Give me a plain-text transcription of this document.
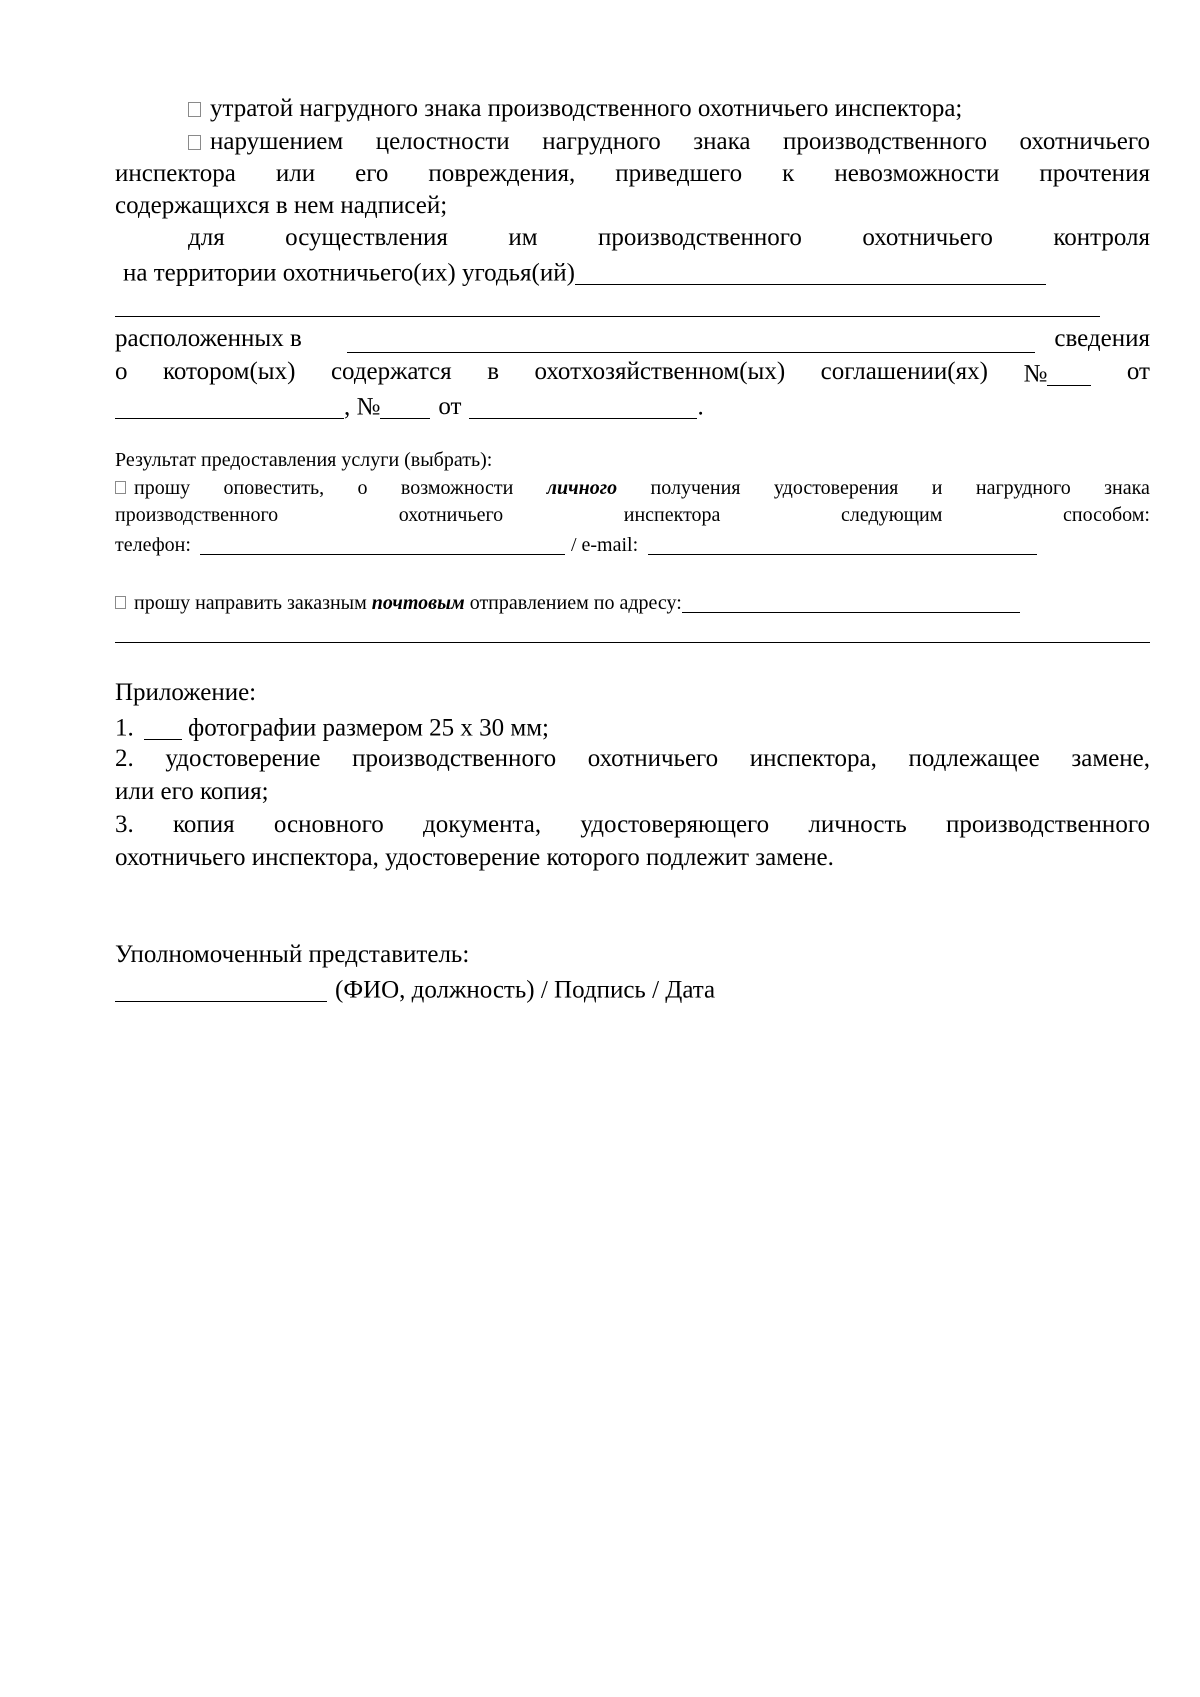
утратой нагрудного знака производственного охотничьего инспектора;
нарушением целостности нагрудного знака производственного охотничьего
инспектора или его повреждения, приведшего к невозможности прочтения
содержащихся в нем надписей;
для осуществления им производственного охотничьего контроля
на территории охотничьего(их) угодья(ий)
расположенных в	сведения
о котором(ых) содержатся в охотхозяйственном(ых) соглашении(ях) №	от
, № от	.
Результат предоставления услуги (выбрать):
прошу оповестить, о возможности личного получения удостоверения и нагрудного знака
производственного	охотничьего	инспектора	следующим	способом:
телефон:	/ e-mail:
прошу направить заказным почтовым отправлением по адресу:
Приложение:
1. фотографии размером 25 x 30 мм;
2. удостоверение производственного охотничьего инспектора, подлежащее замене,
или его копия;
3. копия основного документа, удостоверяющего личность производственного
охотничьего инспектора, удостоверение которого подлежит замене.
Уполномоченный представитель:
(ФИО, должность) / Подпись / Дата
